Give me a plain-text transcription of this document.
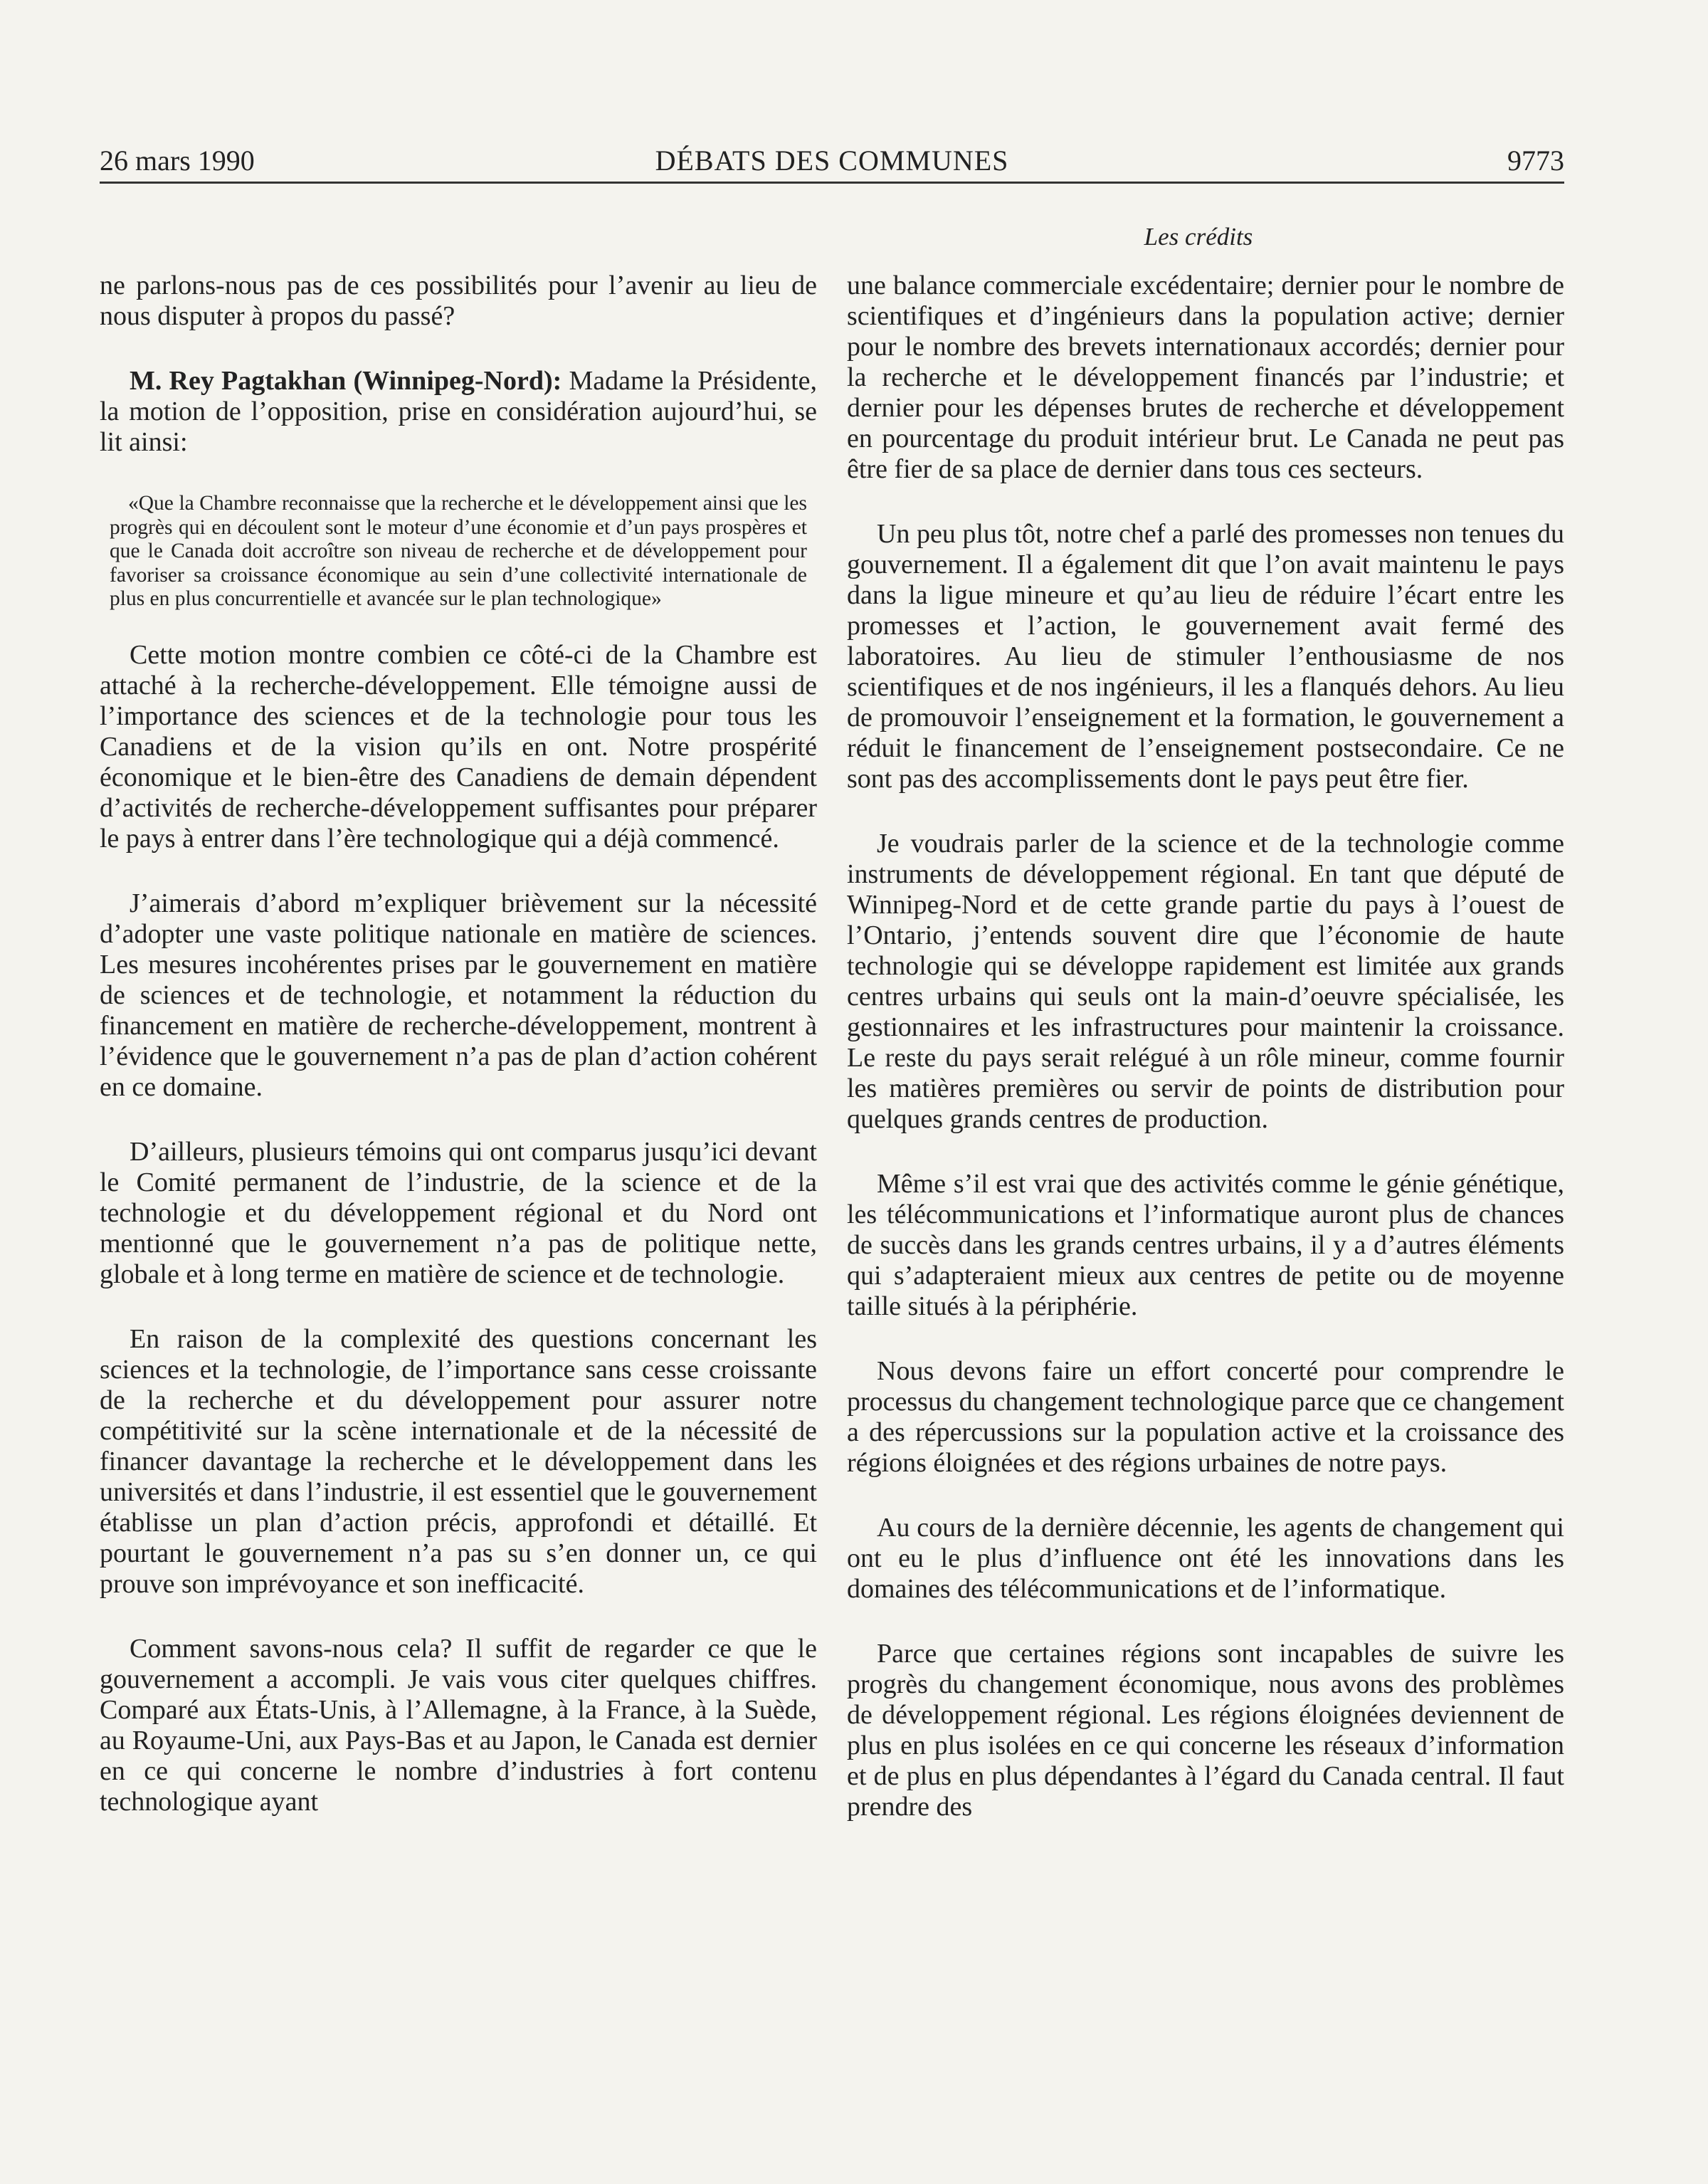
26 mars 1990	DÉBATS DES COMMUNES	9773
Les crédits

ne parlons-nous pas de ces possibilités pour l’avenir au lieu de nous disputer à propos du passé?

M. Rey Pagtakhan (Winnipeg-Nord): Madame la Présidente, la motion de l’opposition, prise en considération aujourd’hui, se lit ainsi:

«Que la Chambre reconnaisse que la recherche et le développement ainsi que les progrès qui en découlent sont le moteur d’une économie et d’un pays prospères et que le Canada doit accroître son niveau de recherche et de développement pour favoriser sa croissance économique au sein d’une collectivité internationale de plus en plus concurrentielle et avancée sur le plan technologique»

Cette motion montre combien ce côté-ci de la Chambre est attaché à la recherche-développement. Elle témoigne aussi de l’importance des sciences et de la technologie pour tous les Canadiens et de la vision qu’ils en ont. Notre prospérité économique et le bien-être des Canadiens de demain dépendent d’activités de recherche-développement suffisantes pour préparer le pays à entrer dans l’ère technologique qui a déjà commencé.

J’aimerais d’abord m’expliquer brièvement sur la nécessité d’adopter une vaste politique nationale en matière de sciences. Les mesures incohérentes prises par le gouvernement en matière de sciences et de technologie, et notamment la réduction du financement en matière de recherche-développement, montrent à l’évidence que le gouvernement n’a pas de plan d’action cohérent en ce domaine.

D’ailleurs, plusieurs témoins qui ont comparus jusqu’ici devant le Comité permanent de l’industrie, de la science et de la technologie et du développement régional et du Nord ont mentionné que le gouvernement n’a pas de politique nette, globale et à long terme en matière de science et de technologie.

En raison de la complexité des questions concernant les sciences et la technologie, de l’importance sans cesse croissante de la recherche et du développement pour assurer notre compétitivité sur la scène internationale et de la nécessité de financer davantage la recherche et le développement dans les universités et dans l’industrie, il est essentiel que le gouvernement établisse un plan d’action précis, approfondi et détaillé. Et pourtant le gouvernement n’a pas su s’en donner un, ce qui prouve son imprévoyance et son inefficacité.

Comment savons-nous cela? Il suffit de regarder ce que le gouvernement a accompli. Je vais vous citer quelques chiffres. Comparé aux États-Unis, à l’Allemagne, à la France, à la Suède, au Royaume-Uni, aux Pays-Bas et au Japon, le Canada est dernier en ce qui concerne le nombre d’industries à fort contenu technologique ayant

une balance commerciale excédentaire; dernier pour le nombre de scientifiques et d’ingénieurs dans la population active; dernier pour le nombre des brevets internationaux accordés; dernier pour la recherche et le développement financés par l’industrie; et dernier pour les dépenses brutes de recherche et développement en pourcentage du produit intérieur brut. Le Canada ne peut pas être fier de sa place de dernier dans tous ces secteurs.

Un peu plus tôt, notre chef a parlé des promesses non tenues du gouvernement. Il a également dit que l’on avait maintenu le pays dans la ligue mineure et qu’au lieu de réduire l’écart entre les promesses et l’action, le gouvernement avait fermé des laboratoires. Au lieu de stimuler l’enthousiasme de nos scientifiques et de nos ingénieurs, il les a flanqués dehors. Au lieu de promouvoir l’enseignement et la formation, le gouvernement a réduit le financement de l’enseignement postsecondaire. Ce ne sont pas des accomplissements dont le pays peut être fier.

Je voudrais parler de la science et de la technologie comme instruments de développement régional. En tant que député de Winnipeg-Nord et de cette grande partie du pays à l’ouest de l’Ontario, j’entends souvent dire que l’économie de haute technologie qui se développe rapidement est limitée aux grands centres urbains qui seuls ont la main-d’oeuvre spécialisée, les gestionnaires et les infrastructures pour maintenir la croissance. Le reste du pays serait relégué à un rôle mineur, comme fournir les matières premières ou servir de points de distribution pour quelques grands centres de production.

Même s’il est vrai que des activités comme le génie génétique, les télécommunications et l’informatique auront plus de chances de succès dans les grands centres urbains, il y a d’autres éléments qui s’adapteraient mieux aux centres de petite ou de moyenne taille situés à la périphérie.

Nous devons faire un effort concerté pour comprendre le processus du changement technologique parce que ce changement a des répercussions sur la population active et la croissance des régions éloignées et des régions urbaines de notre pays.

Au cours de la dernière décennie, les agents de changement qui ont eu le plus d’influence ont été les innovations dans les domaines des télécommunications et de l’informatique.

Parce que certaines régions sont incapables de suivre les progrès du changement économique, nous avons des problèmes de développement régional. Les régions éloignées deviennent de plus en plus isolées en ce qui concerne les réseaux d’information et de plus en plus dépendantes à l’égard du Canada central. Il faut prendre des
